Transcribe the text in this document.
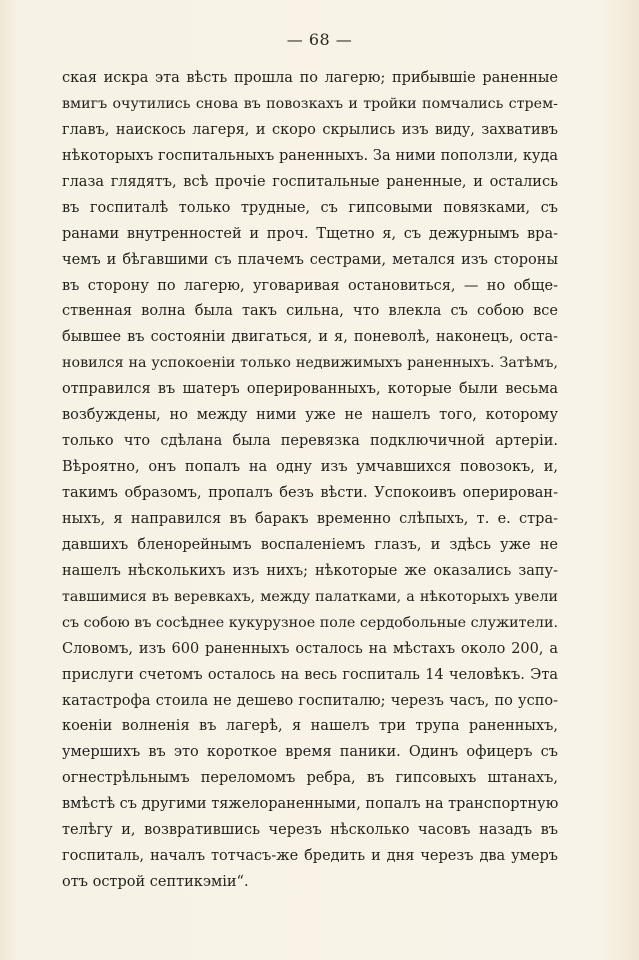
— 68 —
ская искра эта вѣсть прошла по лагерю; прибывшіе раненные
вмигъ очутились снова въ повозкахъ и тройки помчались стрем-
главъ, наискось лагеря, и скоро скрылись изъ виду, захвативъ
нѣкоторыхъ госпитальныхъ раненныхъ. За ними поползли, куда
глаза глядятъ, всѣ прочіе госпитальные раненные, и остались
въ госпиталѣ только трудные, съ гипсовыми повязками, съ
ранами внутренностей и проч. Тщетно я, съ дежурнымъ вра-
чемъ и бѣгавшими съ плачемъ сестрами, метался изъ стороны
въ сторону по лагерю, уговаривая остановиться, — но обще-
ственная волна была такъ сильна, что влекла съ собою все
бывшее въ состояніи двигаться, и я, поневолѣ, наконецъ, оста-
новился на успокоеніи только недвижимыхъ раненныхъ. Затѣмъ,
отправился въ шатеръ оперированныхъ, которые были весьма
возбуждены, но между ними уже не нашелъ того, которому
только что сдѣлана была перевязка подключичной артеріи.
Вѣроятно, онъ попалъ на одну изъ умчавшихся повозокъ, и,
такимъ образомъ, пропалъ безъ вѣсти. Успокоивъ оперирован-
ныхъ, я направился въ баракъ временно слѣпыхъ, т. е. стра-
давшихъ бленорейнымъ воспаленіемъ глазъ, и здѣсь уже не
нашелъ нѣсколькихъ изъ нихъ; нѣкоторые же оказались запу-
тавшимися въ веревкахъ, между палатками, а нѣкоторыхъ увели
съ собою въ сосѣднее кукурузное поле сердобольные служители.
Словомъ, изъ 600 раненныхъ осталось на мѣстахъ около 200, а
прислуги счетомъ осталось на весь госпиталь 14 человѣкъ. Эта
катастрофа стоила не дешево госпиталю; черезъ часъ, по успо-
коеніи волненія въ лагерѣ, я нашелъ три трупа раненныхъ,
умершихъ въ это короткое время паники. Одинъ офицеръ съ
огнестрѣльнымъ переломомъ ребра, въ гипсовыхъ штанахъ,
вмѣстѣ съ другими тяжелораненными, попалъ на транспортную
телѣгу и, возвратившись черезъ нѣсколько часовъ назадъ въ
госпиталь, началъ тотчасъ-же бредить и дня черезъ два умеръ
отъ острой септикэміи“.
